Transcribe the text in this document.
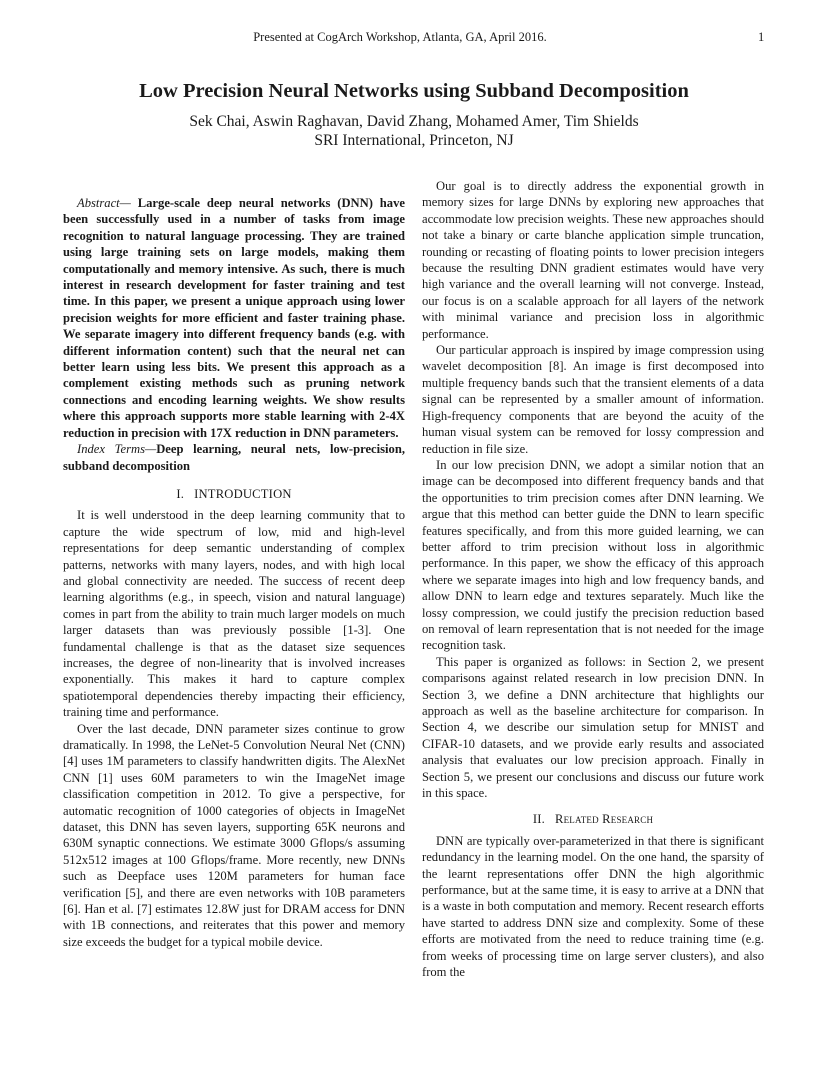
Presented at CogArch Workshop, Atlanta, GA, April 2016.	1
Low Precision Neural Networks using Subband Decomposition
Sek Chai, Aswin Raghavan, David Zhang, Mohamed Amer, Tim Shields
SRI International, Princeton, NJ

Abstract— Large-scale deep neural networks (DNN) have been successfully used in a number of tasks from image recognition to natural language processing. They are trained using large training sets on large models, making them computationally and memory intensive. As such, there is much interest in research development for faster training and test time. In this paper, we present a unique approach using lower precision weights for more efficient and faster training phase. We separate imagery into different frequency bands (e.g. with different information content) such that the neural net can better learn using less bits. We present this approach as a complement existing methods such as pruning network connections and encoding learning weights. We show results where this approach supports more stable learning with 2-4X reduction in precision with 17X reduction in DNN parameters.

Index Terms—Deep learning, neural nets, low-precision, subband decomposition

I.   INTRODUCTION

It is well understood in the deep learning community that to capture the wide spectrum of low, mid and high-level representations for deep semantic understanding of complex patterns, networks with many layers, nodes, and with high local and global connectivity are needed. The success of recent deep learning algorithms (e.g., in speech, vision and natural language) comes in part from the ability to train much larger models on much larger datasets than was previously possible [1-3]. One fundamental challenge is that as the dataset size sequences increases, the degree of non-linearity that is involved increases exponentially. This makes it hard to capture complex spatiotemporal dependencies thereby impacting their efficiency, training time and performance.

Over the last decade, DNN parameter sizes continue to grow dramatically. In 1998, the LeNet-5 Convolution Neural Net (CNN) [4] uses 1M parameters to classify handwritten digits. The AlexNet CNN [1] uses 60M parameters to win the ImageNet image classification competition in 2012. To give a perspective, for automatic recognition of 1000 categories of objects in ImageNet dataset, this DNN has seven layers, supporting 65K neurons and 630M synaptic connections. We estimate 3000 Gflops/s assuming 512x512 images at 100 Gflops/frame. More recently, new DNNs such as Deepface uses 120M parameters for human face verification [5], and there are even networks with 10B parameters [6]. Han et al. [7] estimates 12.8W just for DRAM access for DNN with 1B connections, and reiterates that this power and memory size exceeds the budget for a typical mobile device.

Our goal is to directly address the exponential growth in memory sizes for large DNNs by exploring new approaches that accommodate low precision weights. These new approaches should not take a binary or carte blanche application simple truncation, rounding or recasting of floating points to lower precision integers because the resulting DNN gradient estimates would have very high variance and the overall learning will not converge. Instead, our focus is on a scalable approach for all layers of the network with minimal variance and precision loss in algorithmic performance.

Our particular approach is inspired by image compression using wavelet decomposition [8]. An image is first decomposed into multiple frequency bands such that the transient elements of a data signal can be represented by a smaller amount of information. High-frequency components that are beyond the acuity of the human visual system can be removed for lossy compression and reduction in file size.

In our low precision DNN, we adopt a similar notion that an image can be decomposed into different frequency bands and that the opportunities to trim precision comes after DNN learning. We argue that this method can better guide the DNN to learn specific features specifically, and from this more guided learning, we can better afford to trim precision without loss in algorithmic performance. In this paper, we show the efficacy of this approach where we separate images into high and low frequency bands, and allow DNN to learn edge and textures separately. Much like the lossy compression, we could justify the precision reduction based on removal of learn representation that is not needed for the image recognition task.

This paper is organized as follows: in Section 2, we present comparisons against related research in low precision DNN. In Section 3, we define a DNN architecture that highlights our approach as well as the baseline architecture for comparison. In Section 4, we describe our simulation setup for MNIST and CIFAR-10 datasets, and we provide early results and associated analysis that evaluates our low precision approach. Finally in Section 5, we present our conclusions and discuss our future work in this space.

II.   Related Research

DNN are typically over-parameterized in that there is significant redundancy in the learning model. On the one hand, the sparsity of the learnt representations offer DNN the high algorithmic performance, but at the same time, it is easy to arrive at a DNN that is a waste in both computation and memory. Recent research efforts have started to address DNN size and complexity. Some of these efforts are motivated from the need to reduce training time (e.g. from weeks of processing time on large server clusters), and also from the
